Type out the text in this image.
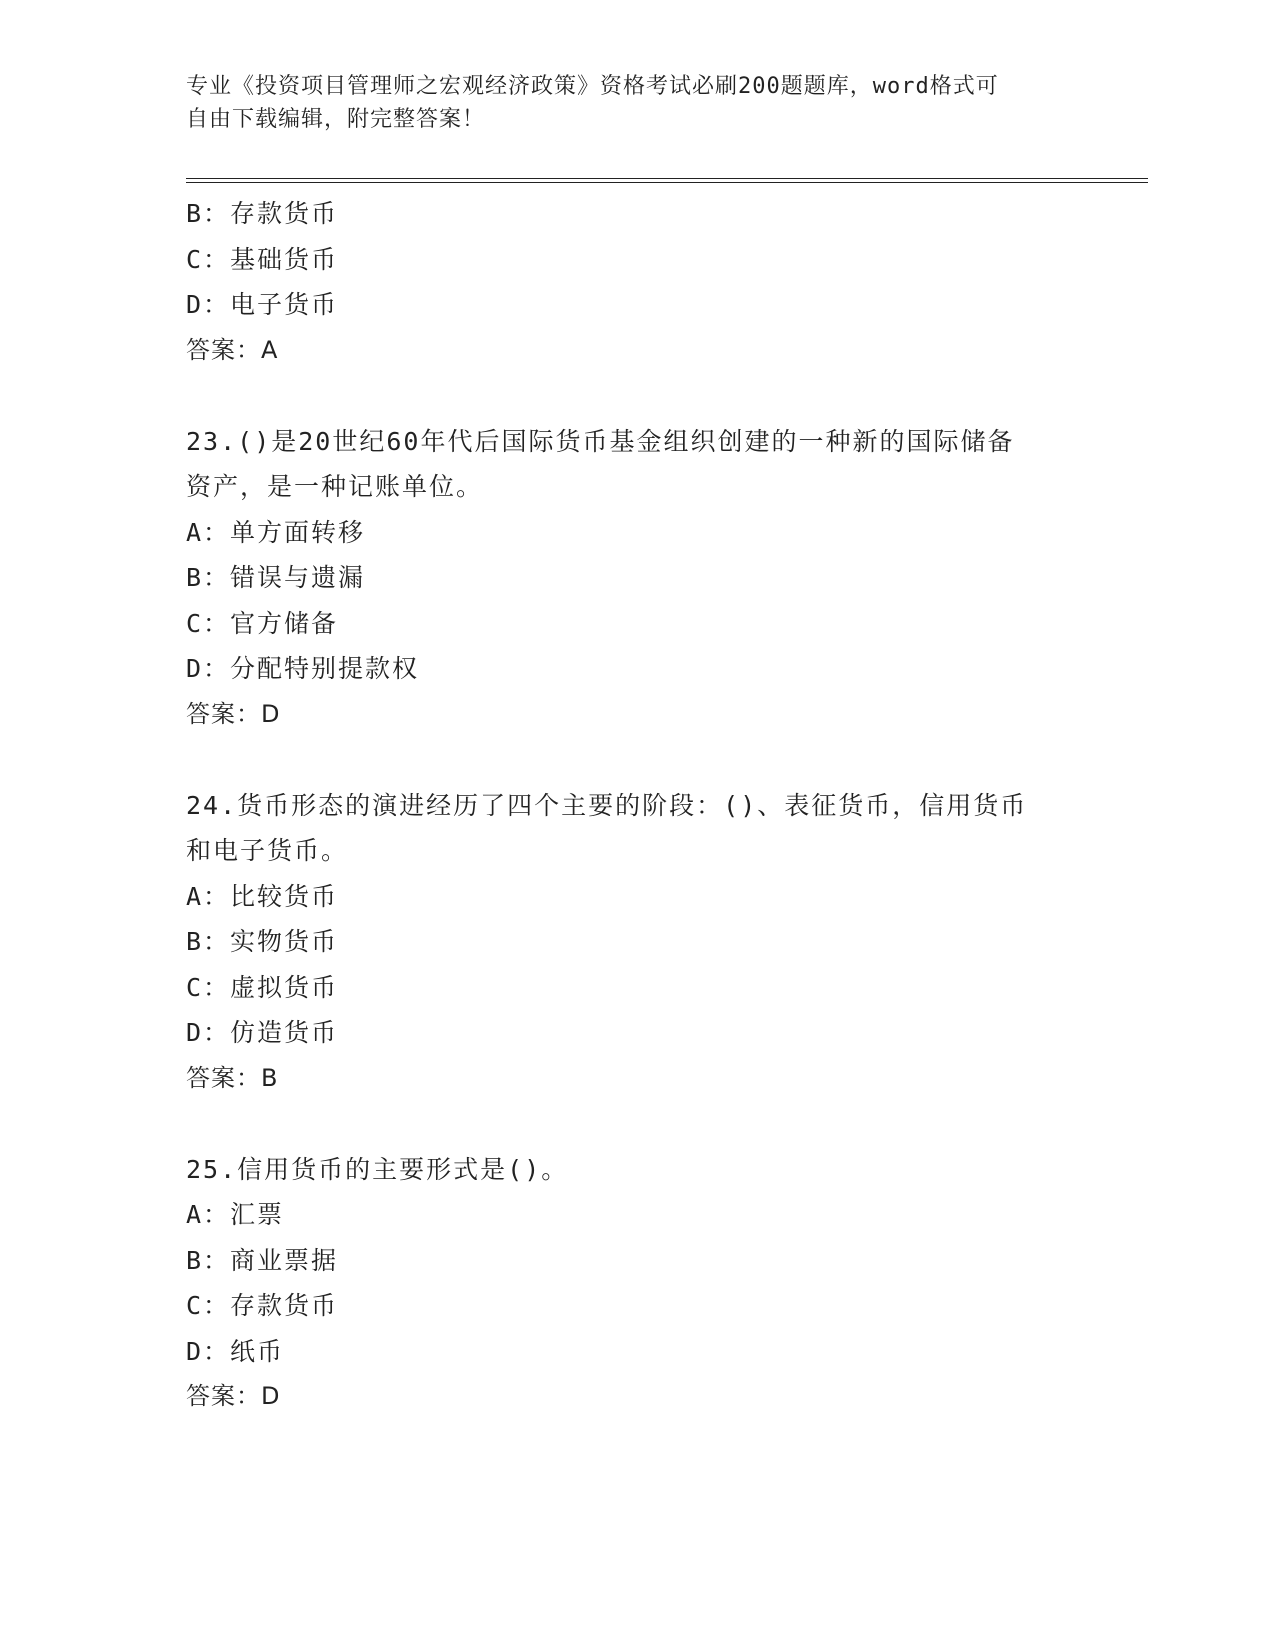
专业《投资项目管理师之宏观经济政策》资格考试必刷200题题库，word格式可
自由下载编辑，附完整答案！
B：存款货币
C：基础货币
D：电子货币
答案：A
23.()是20世纪60年代后国际货币基金组织创建的一种新的国际储备
资产，是一种记账单位。
A：单方面转移
B：错误与遗漏
C：官方储备
D：分配特别提款权
答案：D
24.货币形态的演进经历了四个主要的阶段：()、表征货币，信用货币
和电子货币。
A：比较货币
B：实物货币
C：虚拟货币
D：仿造货币
答案：B
25.信用货币的主要形式是()。
A：汇票
B：商业票据
C：存款货币
D：纸币
答案：D
